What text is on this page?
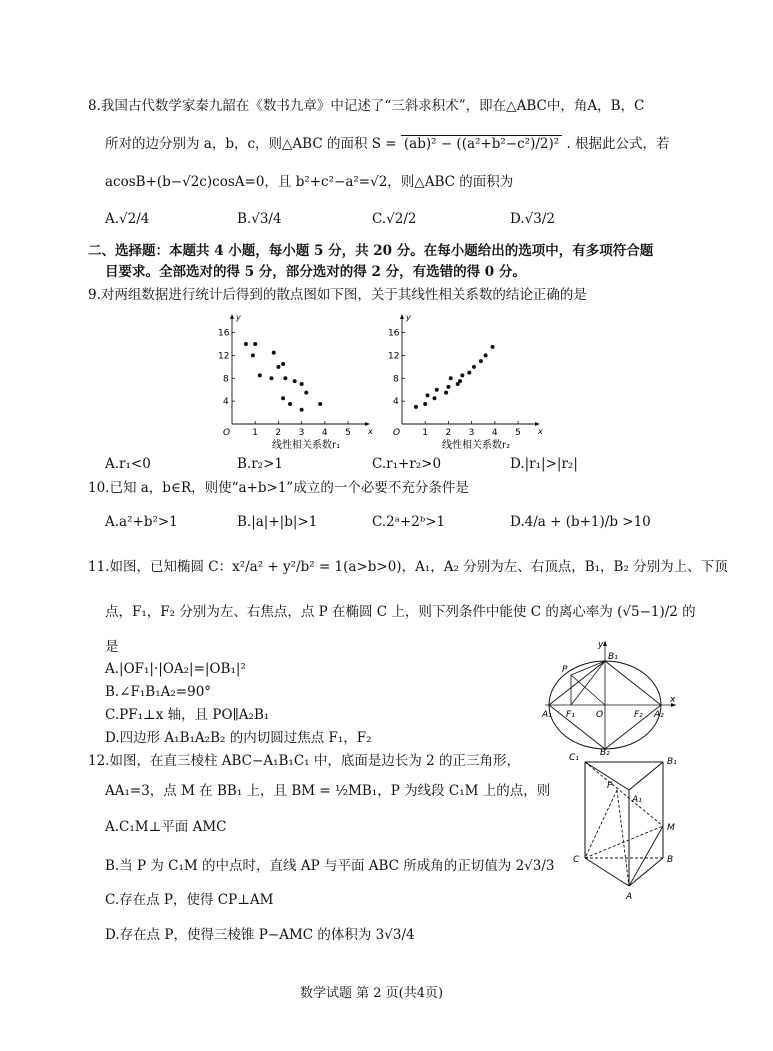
8.我国古代数学家秦九韶在《数书九章》中记述了“三斜求积术”，即在△ABC中，角A，B，C
所对的边分别为 a，b，c，则△ABC 的面积 S = (ab)² − ((a²+b²−c²)/2)² . 根据此公式，若
acosB+(b−√2c)cosA=0，且 b²+c²−a²=√2，则△ABC 的面积为
A.√2/4	B.√3/4	C.√2/2	D.√3/2
二、选择题：本题共 4 小题，每小题 5 分，共 20 分。在每小题给出的选项中，有多项符合题
目要求。全部选对的得 5 分，部分选对的得 2 分，有选错的得 0 分。
9.对两组数据进行统计后得到的散点图如下图，关于其线性相关系数的结论正确的是
y
x
O 1 2 3 4 5
4
8
12
16
线性相关系数r₁
y
x
O 1 2 3 4 5
4
8
12
16
线性相关系数r₂
A.r₁<0	B.r₂>1	C.r₁+r₂>0	D.|r₁|>|r₂|
10.已知 a，b∈R，则使“a+b>1”成立的一个必要不充分条件是
A.a²+b²>1	B.|a|+|b|>1	C.2ᵃ+2ᵇ>1	D.4/a + (b+1)/b >10
11.如图，已知椭圆 C：x²/a² + y²/b² = 1(a>b>0)，A₁，A₂ 分别为左、右顶点，B₁，B₂ 分别为上、下顶
点，F₁，F₂ 分别为左、右焦点，点 P 在椭圆 C 上，则下列条件中能使 C 的离心率为 (√5−1)/2 的
是
A.|OF₁|·|OA₂|=|OB₁|²
B.∠F₁B₁A₂=90°
C.PF₁⊥x 轴，且 PO∥A₂B₁
D.四边形 A₁B₁A₂B₂ 的内切圆过焦点 F₁，F₂
y
P
B₁
A₁ F₁ O	F₂ A₂
x
B₂
12.如图，在直三棱柱 ABC−A₁B₁C₁ 中，底面是边长为 2 的正三角形，
AA₁=3，点 M 在 BB₁ 上，且 BM = ½MB₁，P 为线段 C₁M 上的点，则
A.C₁M⊥平面 AMC
B.当 P 为 C₁M 的中点时，直线 AP 与平面 ABC 所成角的正切值为 2√3/3
C.存在点 P，使得 CP⊥AM
D.存在点 P，使得三棱锥 P−AMC 的体积为 3√3/4
C₁	B₁
P
A₁
M
C	B
A
数学试题 第 2 页(共4页)
